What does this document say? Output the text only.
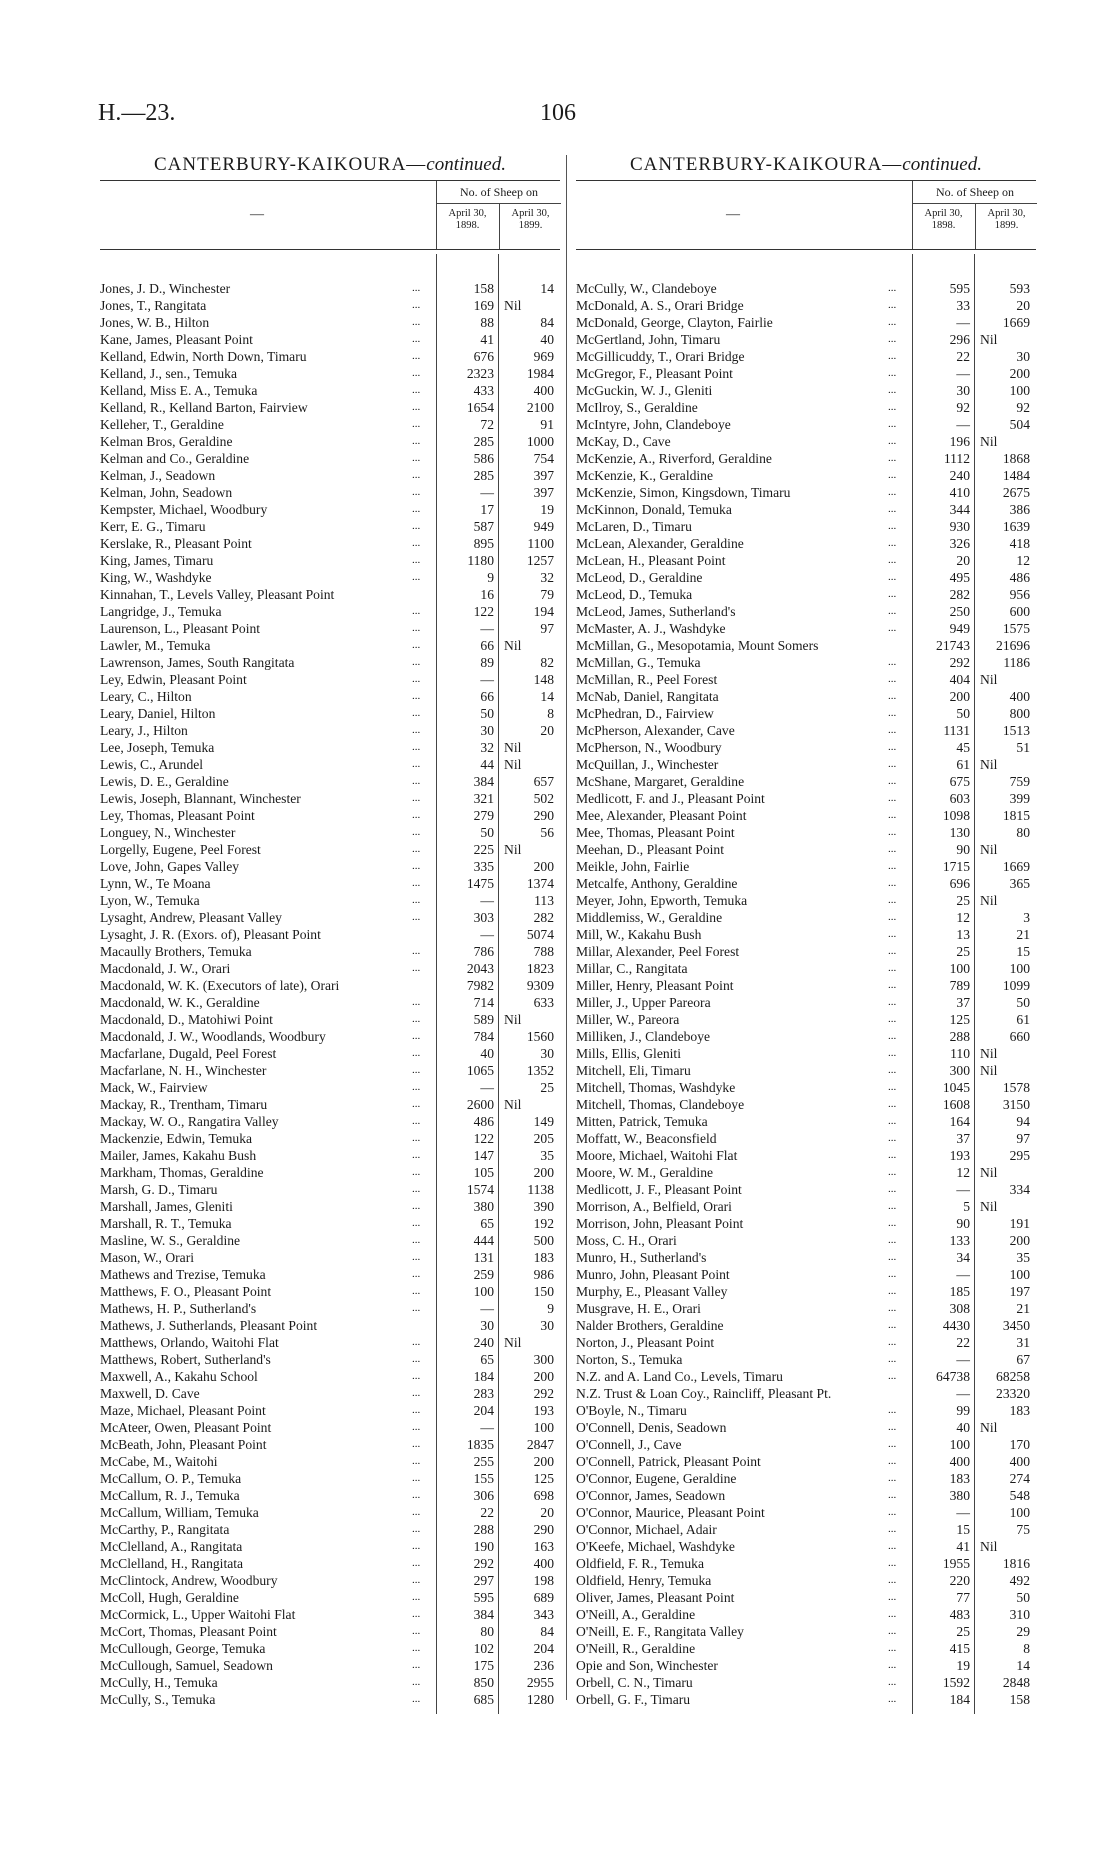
H.—23.	106
CANTERBURY-KAIKOURA—continued.
—
No. of Sheep on
April 30, 1898.
April 30, 1899.
Jones, J. D., Winchester	...	158	14
Jones, T., Rangitata	...	169 Nil
Jones, W. B., Hilton	...	88	84
Kane, James, Pleasant Point	...	41	40
Kelland, Edwin, North Down, Timaru	...	676	969
Kelland, J., sen., Temuka	...	2323	1984
Kelland, Miss E. A., Temuka	...	433	400
Kelland, R., Kelland Barton, Fairview	...	1654	2100
Kelleher, T., Geraldine	...	72	91
Kelman Bros, Geraldine	...	285	1000
Kelman and Co., Geraldine	...	586	754
Kelman, J., Seadown	...	285	397
Kelman, John, Seadown	...	—	397
Kempster, Michael, Woodbury	...	17	19
Kerr, E. G., Timaru	...	587	949
Kerslake, R., Pleasant Point	...	895	1100
King, James, Timaru	...	1180	1257
King, W., Washdyke	...	9	32
Kinnahan, T., Levels Valley, Pleasant Point	16	79
Langridge, J., Temuka	...	122	194
Laurenson, L., Pleasant Point	...	—	97
Lawler, M., Temuka	...	66 Nil
Lawrenson, James, South Rangitata	...	89	82
Ley, Edwin, Pleasant Point	...	—	148
Leary, C., Hilton	...	66	14
Leary, Daniel, Hilton	...	50	8
Leary, J., Hilton	...	30	20
Lee, Joseph, Temuka	...	32 Nil
Lewis, C., Arundel	...	44 Nil
Lewis, D. E., Geraldine	...	384	657
Lewis, Joseph, Blannant, Winchester	...	321	502
Ley, Thomas, Pleasant Point	...	279	290
Longuey, N., Winchester	...	50	56
Lorgelly, Eugene, Peel Forest	...	225 Nil
Love, John, Gapes Valley	...	335	200
Lynn, W., Te Moana	...	1475	1374
Lyon, W., Temuka	...	—	113
Lysaght, Andrew, Pleasant Valley	...	303	282
Lysaght, J. R. (Exors. of), Pleasant Point	—	5074
Macaully Brothers, Temuka	...	786	788
Macdonald, J. W., Orari	...	2043	1823
Macdonald, W. K. (Executors of late), Orari	7982	9309
Macdonald, W. K., Geraldine	...	714	633
Macdonald, D., Matohiwi Point	...	589 Nil
Macdonald, J. W., Woodlands, Woodbury	...	784	1560
Macfarlane, Dugald, Peel Forest	...	40	30
Macfarlane, N. H., Winchester	...	1065	1352
Mack, W., Fairview	...	—	25
Mackay, R., Trentham, Timaru	...	2600 Nil
Mackay, W. O., Rangatira Valley	...	486	149
Mackenzie, Edwin, Temuka	...	122	205
Mailer, James, Kakahu Bush	...	147	35
Markham, Thomas, Geraldine	...	105	200
Marsh, G. D., Timaru	...	1574	1138
Marshall, James, Gleniti	...	380	390
Marshall, R. T., Temuka	...	65	192
Masline, W. S., Geraldine	...	444	500
Mason, W., Orari	...	131	183
Mathews and Trezise, Temuka	...	259	986
Matthews, F. O., Pleasant Point	...	100	150
Mathews, H. P., Sutherland's	...	—	9
Mathews, J. Sutherlands, Pleasant Point	30	30
Matthews, Orlando, Waitohi Flat	...	240 Nil
Matthews, Robert, Sutherland's	...	65	300
Maxwell, A., Kakahu School	...	184	200
Maxwell, D. Cave	...	283	292
Maze, Michael, Pleasant Point	...	204	193
McAteer, Owen, Pleasant Point	...	—	100
McBeath, John, Pleasant Point	...	1835	2847
McCabe, M., Waitohi	...	255	200
McCallum, O. P., Temuka	...	155	125
McCallum, R. J., Temuka	...	306	698
McCallum, William, Temuka	...	22	20
McCarthy, P., Rangitata	...	288	290
McClelland, A., Rangitata	...	190	163
McClelland, H., Rangitata	...	292	400
McClintock, Andrew, Woodbury	...	297	198
McColl, Hugh, Geraldine	...	595	689
McCormick, L., Upper Waitohi Flat	...	384	343
McCort, Thomas, Pleasant Point	...	80	84
McCullough, George, Temuka	...	102	204
McCullough, Samuel, Seadown	...	175	236
McCully, H., Temuka	...	850	2955
McCully, S., Temuka	...	685	1280
CANTERBURY-KAIKOURA—continued.
—
No. of Sheep on
April 30, 1898.
April 30, 1899.
McCully, W., Clandeboye	...	595	593
McDonald, A. S., Orari Bridge	...	33	20
McDonald, George, Clayton, Fairlie	...	—	1669
McGertland, John, Timaru	...	296 Nil
McGillicuddy, T., Orari Bridge	...	22	30
McGregor, F., Pleasant Point	...	—	200
McGuckin, W. J., Gleniti	...	30	100
McIlroy, S., Geraldine	...	92	92
McIntyre, John, Clandeboye	...	—	504
McKay, D., Cave	...	196 Nil
McKenzie, A., Riverford, Geraldine	...	1112	1868
McKenzie, K., Geraldine	...	240	1484
McKenzie, Simon, Kingsdown, Timaru	...	410	2675
McKinnon, Donald, Temuka	...	344	386
McLaren, D., Timaru	...	930	1639
McLean, Alexander, Geraldine	...	326	418
McLean, H., Pleasant Point	...	20	12
McLeod, D., Geraldine	...	495	486
McLeod, D., Temuka	...	282	956
McLeod, James, Sutherland's	...	250	600
McMaster, A. J., Washdyke	...	949	1575
McMillan, G., Mesopotamia, Mount Somers	21743	21696
McMillan, G., Temuka	...	292	1186
McMillan, R., Peel Forest	...	404 Nil
McNab, Daniel, Rangitata	...	200	400
McPhedran, D., Fairview	...	50	800
McPherson, Alexander, Cave	...	1131	1513
McPherson, N., Woodbury	...	45	51
McQuillan, J., Winchester	...	61 Nil
McShane, Margaret, Geraldine	...	675	759
Medlicott, F. and J., Pleasant Point	...	603	399
Mee, Alexander, Pleasant Point	...	1098	1815
Mee, Thomas, Pleasant Point	...	130	80
Meehan, D., Pleasant Point	...	90 Nil
Meikle, John, Fairlie	...	1715	1669
Metcalfe, Anthony, Geraldine	...	696	365
Meyer, John, Epworth, Temuka	...	25 Nil
Middlemiss, W., Geraldine	...	12	3
Mill, W., Kakahu Bush	...	13	21
Millar, Alexander, Peel Forest	...	25	15
Millar, C., Rangitata	...	100	100
Miller, Henry, Pleasant Point	...	789	1099
Miller, J., Upper Pareora	...	37	50
Miller, W., Pareora	...	125	61
Milliken, J., Clandeboye	...	288	660
Mills, Ellis, Gleniti	...	110 Nil
Mitchell, Eli, Timaru	...	300 Nil
Mitchell, Thomas, Washdyke	...	1045	1578
Mitchell, Thomas, Clandeboye	...	1608	3150
Mitten, Patrick, Temuka	...	164	94
Moffatt, W., Beaconsfield	...	37	97
Moore, Michael, Waitohi Flat	...	193	295
Moore, W. M., Geraldine	...	12 Nil
Medlicott, J. F., Pleasant Point	...	—	334
Morrison, A., Belfield, Orari	...	5 Nil
Morrison, John, Pleasant Point	...	90	191
Moss, C. H., Orari	...	133	200
Munro, H., Sutherland's	...	34	35
Munro, John, Pleasant Point	...	—	100
Murphy, E., Pleasant Valley	...	185	197
Musgrave, H. E., Orari	...	308	21
Nalder Brothers, Geraldine	...	4430	3450
Norton, J., Pleasant Point	...	22	31
Norton, S., Temuka	...	—	67
N.Z. and A. Land Co., Levels, Timaru	...	64738	68258
N.Z. Trust & Loan Coy., Raincliff, Pleasant Pt.	—	23320
O'Boyle, N., Timaru	...	99	183
O'Connell, Denis, Seadown	...	40 Nil
O'Connell, J., Cave	...	100	170
O'Connell, Patrick, Pleasant Point	...	400	400
O'Connor, Eugene, Geraldine	...	183	274
O'Connor, James, Seadown	...	380	548
O'Connor, Maurice, Pleasant Point	...	—	100
O'Connor, Michael, Adair	...	15	75
O'Keefe, Michael, Washdyke	...	41 Nil
Oldfield, F. R., Temuka	...	1955	1816
Oldfield, Henry, Temuka	...	220	492
Oliver, James, Pleasant Point	...	77	50
O'Neill, A., Geraldine	...	483	310
O'Neill, E. F., Rangitata Valley	...	25	29
O'Neill, R., Geraldine	...	415	8
Opie and Son, Winchester	...	19	14
Orbell, C. N., Timaru	...	1592	2848
Orbell, G. F., Timaru	...	184	158
